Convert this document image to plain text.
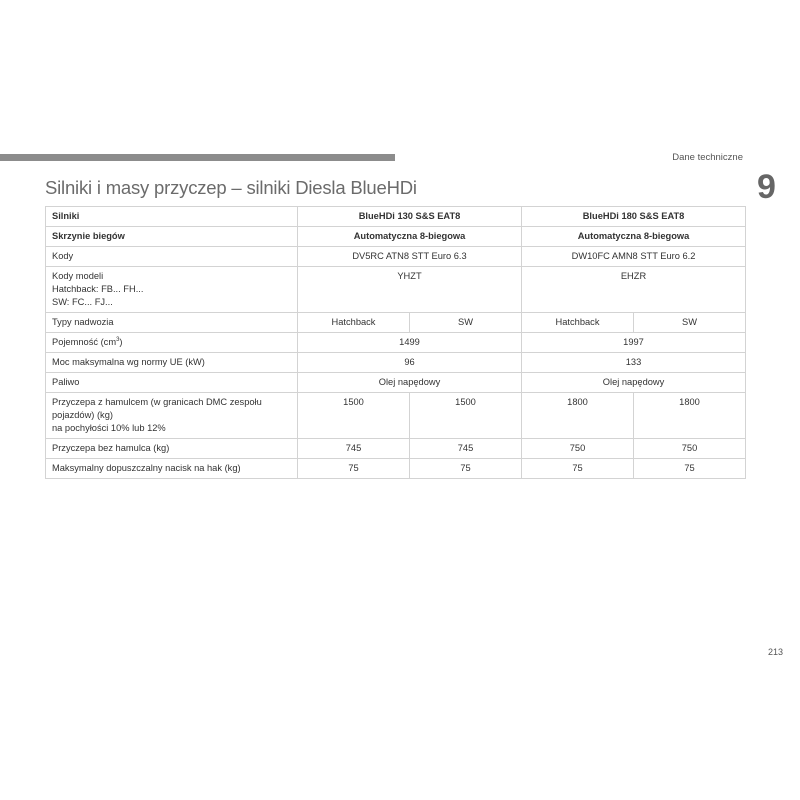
Dane techniczne
9
Silniki i masy przyczep – silniki Diesla BlueHDi
Silniki	BlueHDi 130 S&S EAT8		BlueHDi 180 S&S EAT8	
Skrzynie biegów	Automatyczna 8-biegowa		Automatyczna 8-biegowa	
Kody	DV5RC ATN8 STT Euro 6.3		DW10FC AMN8 STT Euro 6.2	

Kody modeli
Hatchback: FB... FH...
SW: FC... FJ...	YHZT		EHZR	
Typy nadwozia	Hatchback	SW	Hatchback	SW
Pojemność $(cm^3)$	1499		1997	
Moc maksymalna wg normy UE (kW)	96		133	
Paliwo	Olej napędowy		Olej napędowy	

Przyczepa z hamulcem (w granicach DMC zespołu
pojazdów) (kg)
na pochyłości 10% lub 12%	1500	1500	1800	1800
Przyczepa bez hamulca (kg)	745	745	750	750
Maksymalny dopuszczalny nacisk na hak (kg)	75	75	75	75
213
